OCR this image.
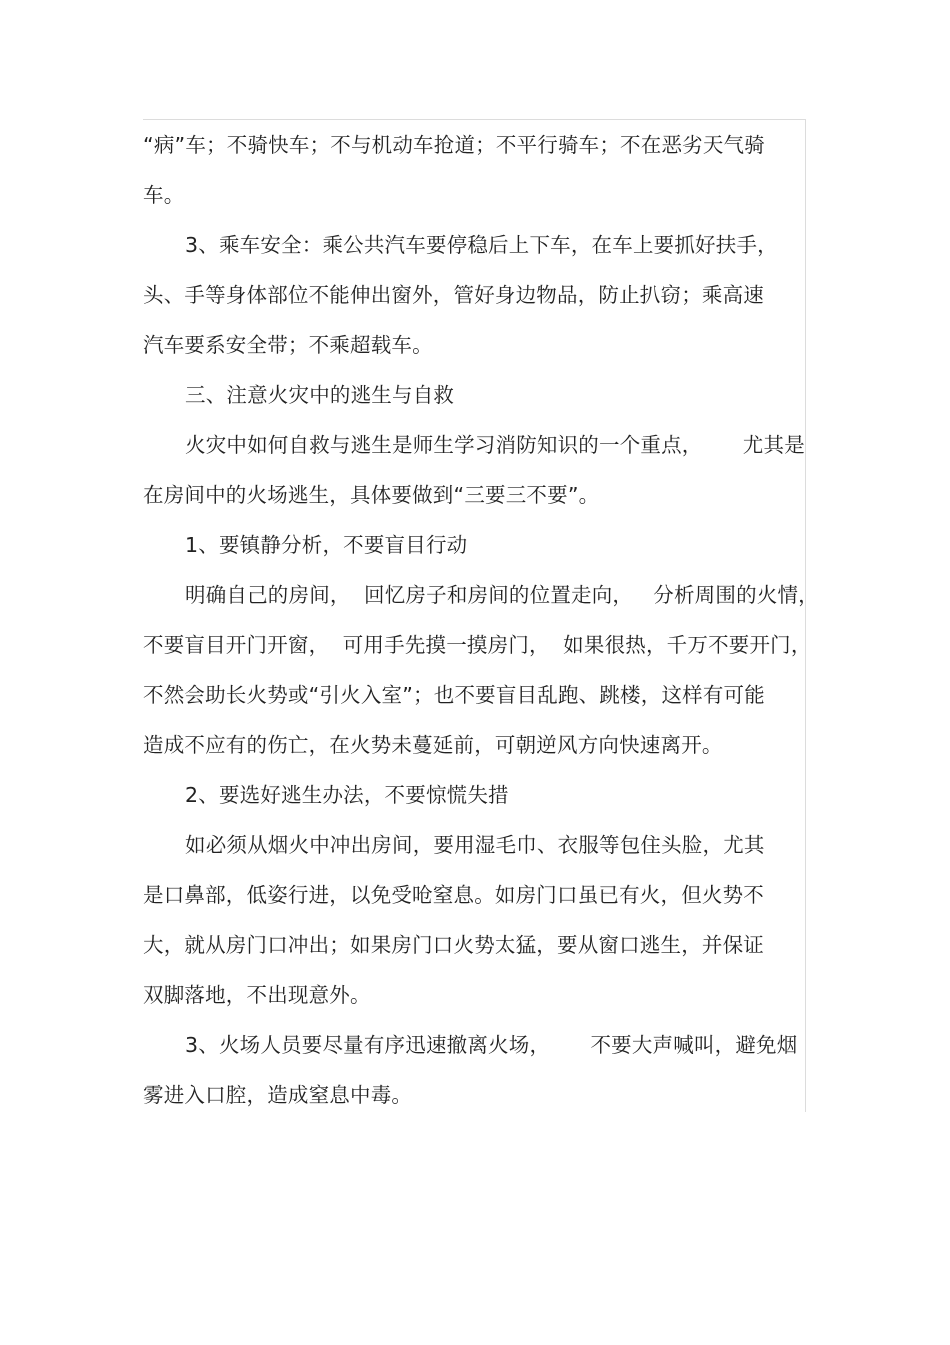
“病”车；不骑快车；不与机动车抢道；不平行骑车；不在恶劣天气骑
车。
3、乘车安全：乘公共汽车要停稳后上下车，在车上要抓好扶手，
头、手等身体部位不能伸出窗外，管好身边物品，防止扒窃；乘高速
汽车要系安全带；不乘超载车。
三、注意火灾中的逃生与自救
火灾中如何自救与逃生是师生学习消防知识的一个重点，      尤其是
在房间中的火场逃生，具体要做到“三要三不要”。
1、要镇静分析，不要盲目行动
明确自己的房间，  回忆房子和房间的位置走向，   分析周围的火情，
不要盲目开门开窗，  可用手先摸一摸房门，  如果很热，千万不要开门，
不然会助长火势或“引火入室”；也不要盲目乱跑、跳楼，这样有可能
造成不应有的伤亡，在火势未蔓延前，可朝逆风方向快速离开。
2、要选好逃生办法，不要惊慌失措
如必须从烟火中冲出房间，要用湿毛巾、衣服等包住头脸，尤其
是口鼻部，低姿行进，以免受呛窒息。如房门口虽已有火，但火势不
大，就从房门口冲出；如果房门口火势太猛，要从窗口逃生，并保证
双脚落地，不出现意外。
3、火场人员要尽量有序迅速撤离火场，      不要大声喊叫，避免烟
雾进入口腔，造成窒息中毒。
